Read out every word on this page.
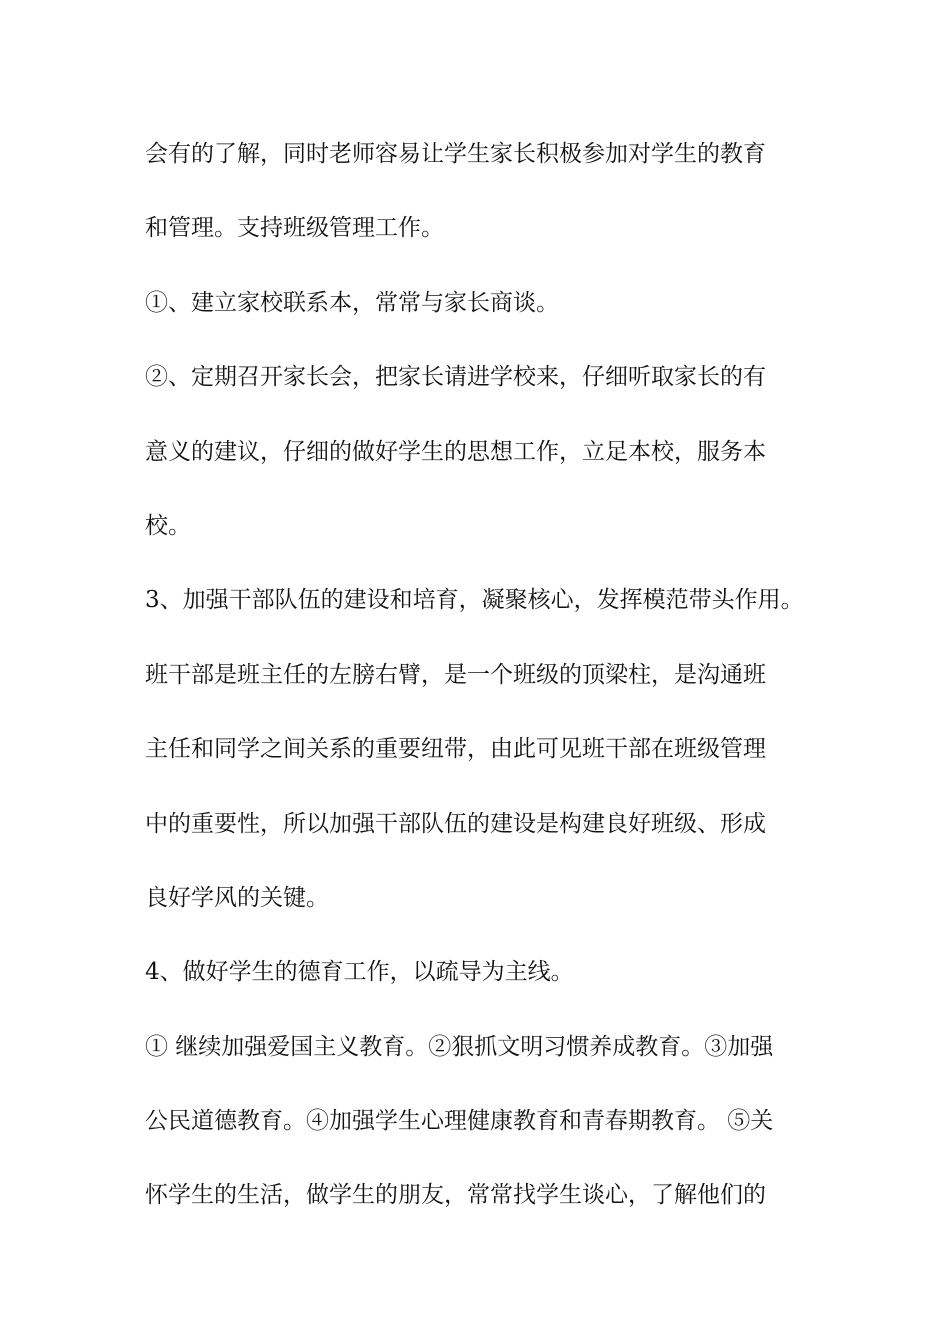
会有的了解，同时老师容易让学生家长积极参加对学生的教育
和管理。支持班级管理工作。
①、建立家校联系本，常常与家长商谈。
②、定期召开家长会，把家长请进学校来，仔细听取家长的有
意义的建议，仔细的做好学生的思想工作，立足本校，服务本
校。
3、加强干部队伍的建设和培育，凝聚核心，发挥模范带头作用。
班干部是班主任的左膀右臂，是一个班级的顶梁柱，是沟通班
主任和同学之间关系的重要纽带，由此可见班干部在班级管理
中的重要性，所以加强干部队伍的建设是构建良好班级、形成
良好学风的关键。
4、做好学生的德育工作，以疏导为主线。
① 继续加强爱国主义教育。②狠抓文明习惯养成教育。③加强
公民道德教育。④加强学生心理健康教育和青春期教育。 ⑤关
怀学生的生活，做学生的朋友，常常找学生谈心，了解他们的
